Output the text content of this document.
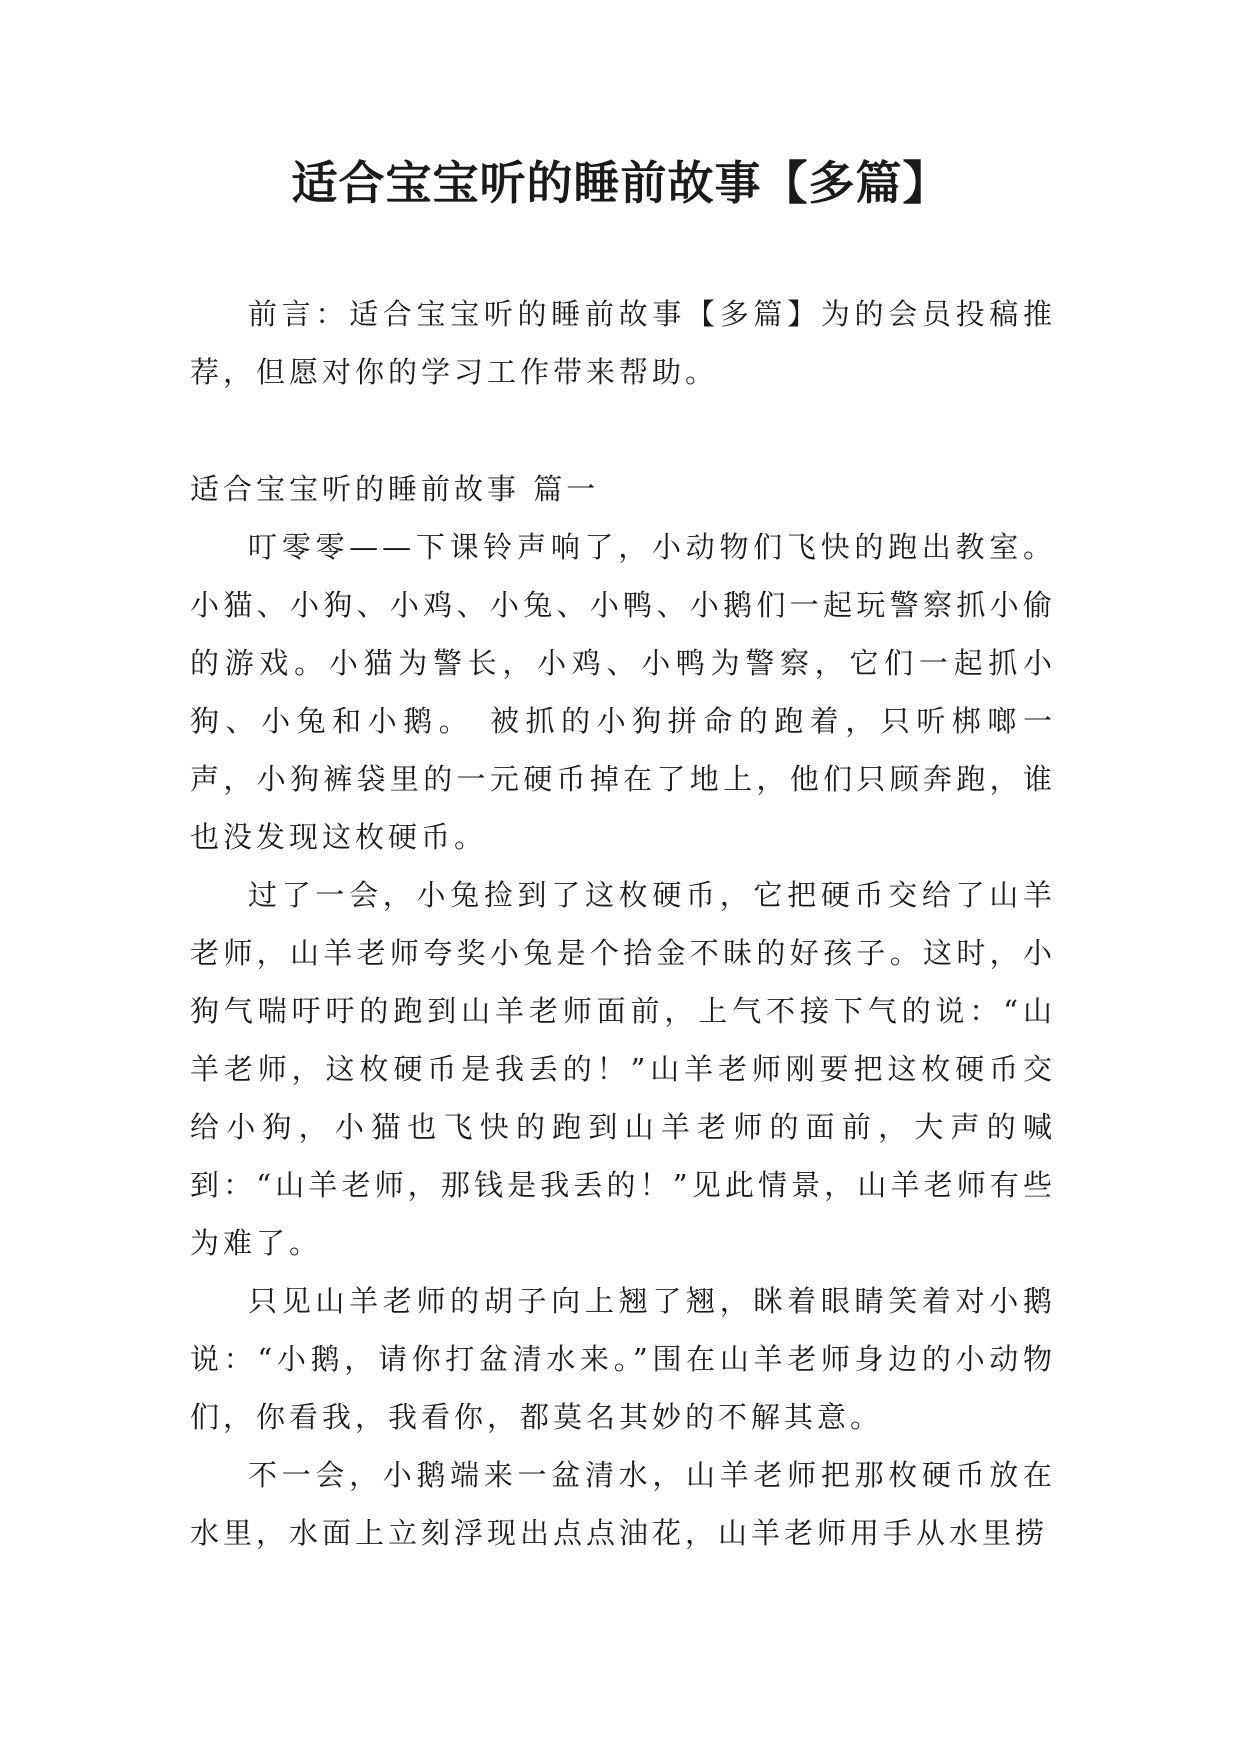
适合宝宝听的睡前故事【多篇】

前言：适合宝宝听的睡前故事【多篇】为的会员投稿推荐，但愿对你的学习工作带来帮助。

适合宝宝听的睡前故事 篇一

叮零零——下课铃声响了，小动物们飞快的跑出教室。小猫、小狗、小鸡、小兔、小鸭、小鹅们一起玩警察抓小偷的游戏。小猫为警长，小鸡、小鸭为警察，它们一起抓小狗、小兔和小鹅。 被抓的小狗拼命的跑着，只听梆啷一声，小狗裤袋里的一元硬币掉在了地上，他们只顾奔跑，谁也没发现这枚硬币。

过了一会，小兔捡到了这枚硬币，它把硬币交给了山羊老师，山羊老师夸奖小兔是个拾金不昧的好孩子。这时，小狗气喘吁吁的跑到山羊老师面前，上气不接下气的说：“山羊老师，这枚硬币是我丢的！”山羊老师刚要把这枚硬币交给小狗，小猫也飞快的跑到山羊老师的面前，大声的喊到：“山羊老师，那钱是我丢的！”见此情景，山羊老师有些为难了。

只见山羊老师的胡子向上翘了翘，眯着眼睛笑着对小鹅说：“小鹅，请你打盆清水来。”围在山羊老师身边的小动物们，你看我，我看你，都莫名其妙的不解其意。

不一会，小鹅端来一盆清水，山羊老师把那枚硬币放在水里，水面上立刻浮现出点点油花，山羊老师用手从水里捞
